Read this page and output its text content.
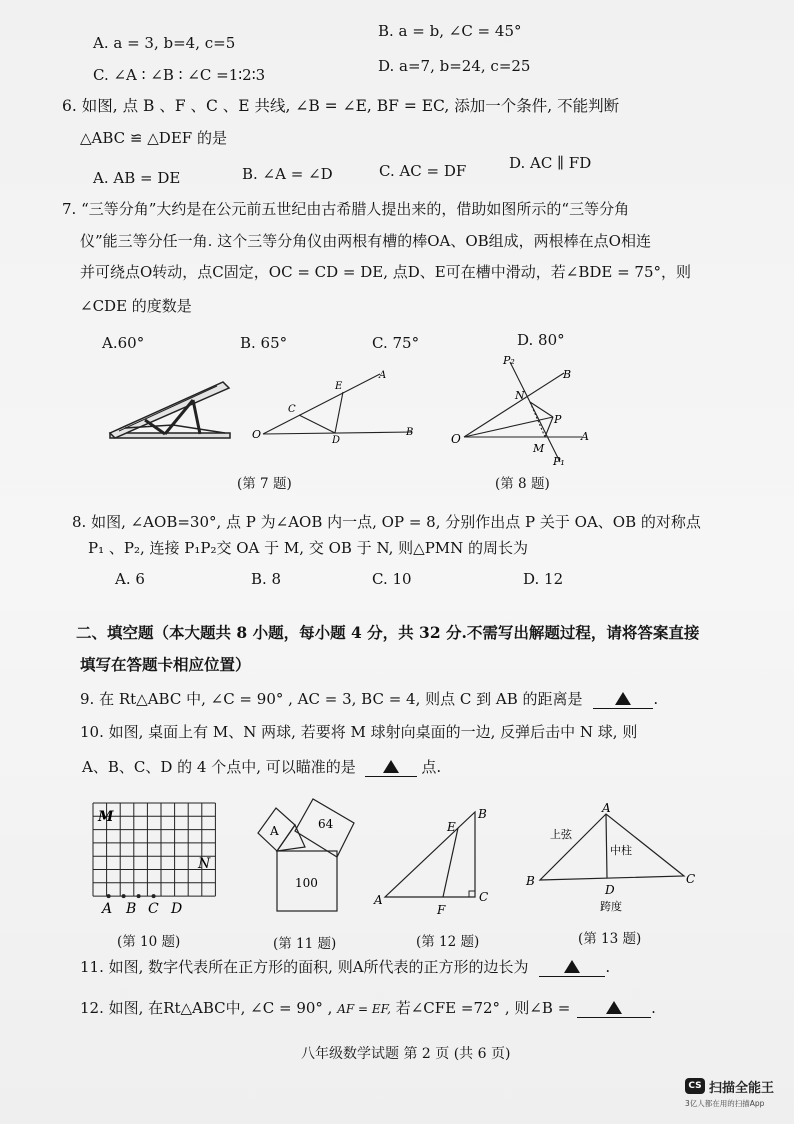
A. a = 3, b=4, c=5
B. a = b, ∠C = 45°
C. ∠A ∶ ∠B ∶ ∠C =1∶2∶3	D. a=7, b=24, c=25
6. 如图, 点 B 、F 、C 、E 共线, ∠B = ∠E, BF = EC, 添加一个条件, 不能判断
△ABC ≌ △DEF 的是
A. AB = DE	B. ∠A = ∠D	C. AC = DF	D. AC ∥ FD
7. “三等分角”大约是在公元前五世纪由古希腊人提出来的，借助如图所示的“三等分角
仪”能三等分任一角. 这个三等分角仪由两根有槽的棒OA、OB组成，两根棒在点O相连
并可绕点O转动，点C固定，OC = CD = DE, 点D、E可在槽中滑动，若∠BDE = 75°，则
∠CDE 的度数是
A.60°	B. 65°	C. 75°	D. 80°
O
A
B
C
D
E
(第 7 题)
O	A
B
P
M
N
P₁
P₂
(第 8 题)
8. 如图, ∠AOB=30°, 点 P 为∠AOB 内一点, OP = 8, 分别作出点 P 关于 OA、OB 的对称点
P₁ 、P₂, 连接 P₁P₂交 OA 于 M, 交 OB 于 N, 则△PMN 的周长为
A. 6	B. 8	C. 10	D. 12
二、填空题（本大题共 8 小题，每小题 4 分，共 32 分.不需写出解题过程，请将答案直接
填写在答题卡相应位置）
9. 在 Rt△ABC 中, ∠C = 90° , AC = 3, BC = 4, 则点 C 到 AB 的距离是	.
10. 如图, 桌面上有 M、N 两球, 若要将 M 球射向桌面的一边, 反弹后击中 N 球, 则
A、B、C、D 的 4 个点中, 可以瞄准的是	点.
M
N
A B C D
(第 10 题)
A	64
100
(第 11 题)
A
B
C
E
F
(第 12 题)
A
B	C
D
上弦
中柱
跨度
(第 13 题)
11. 如图, 数字代表所在正方形的面积, 则A所代表的正方形的边长为	.
12. 如图, 在Rt△ABC中, ∠C = 90° , AF = EF, 若∠CFE =72° , 则∠B =	.
八年级数学试题 第 2 页 (共 6 页)
CS 扫描全能王
3亿人都在用的扫描App
